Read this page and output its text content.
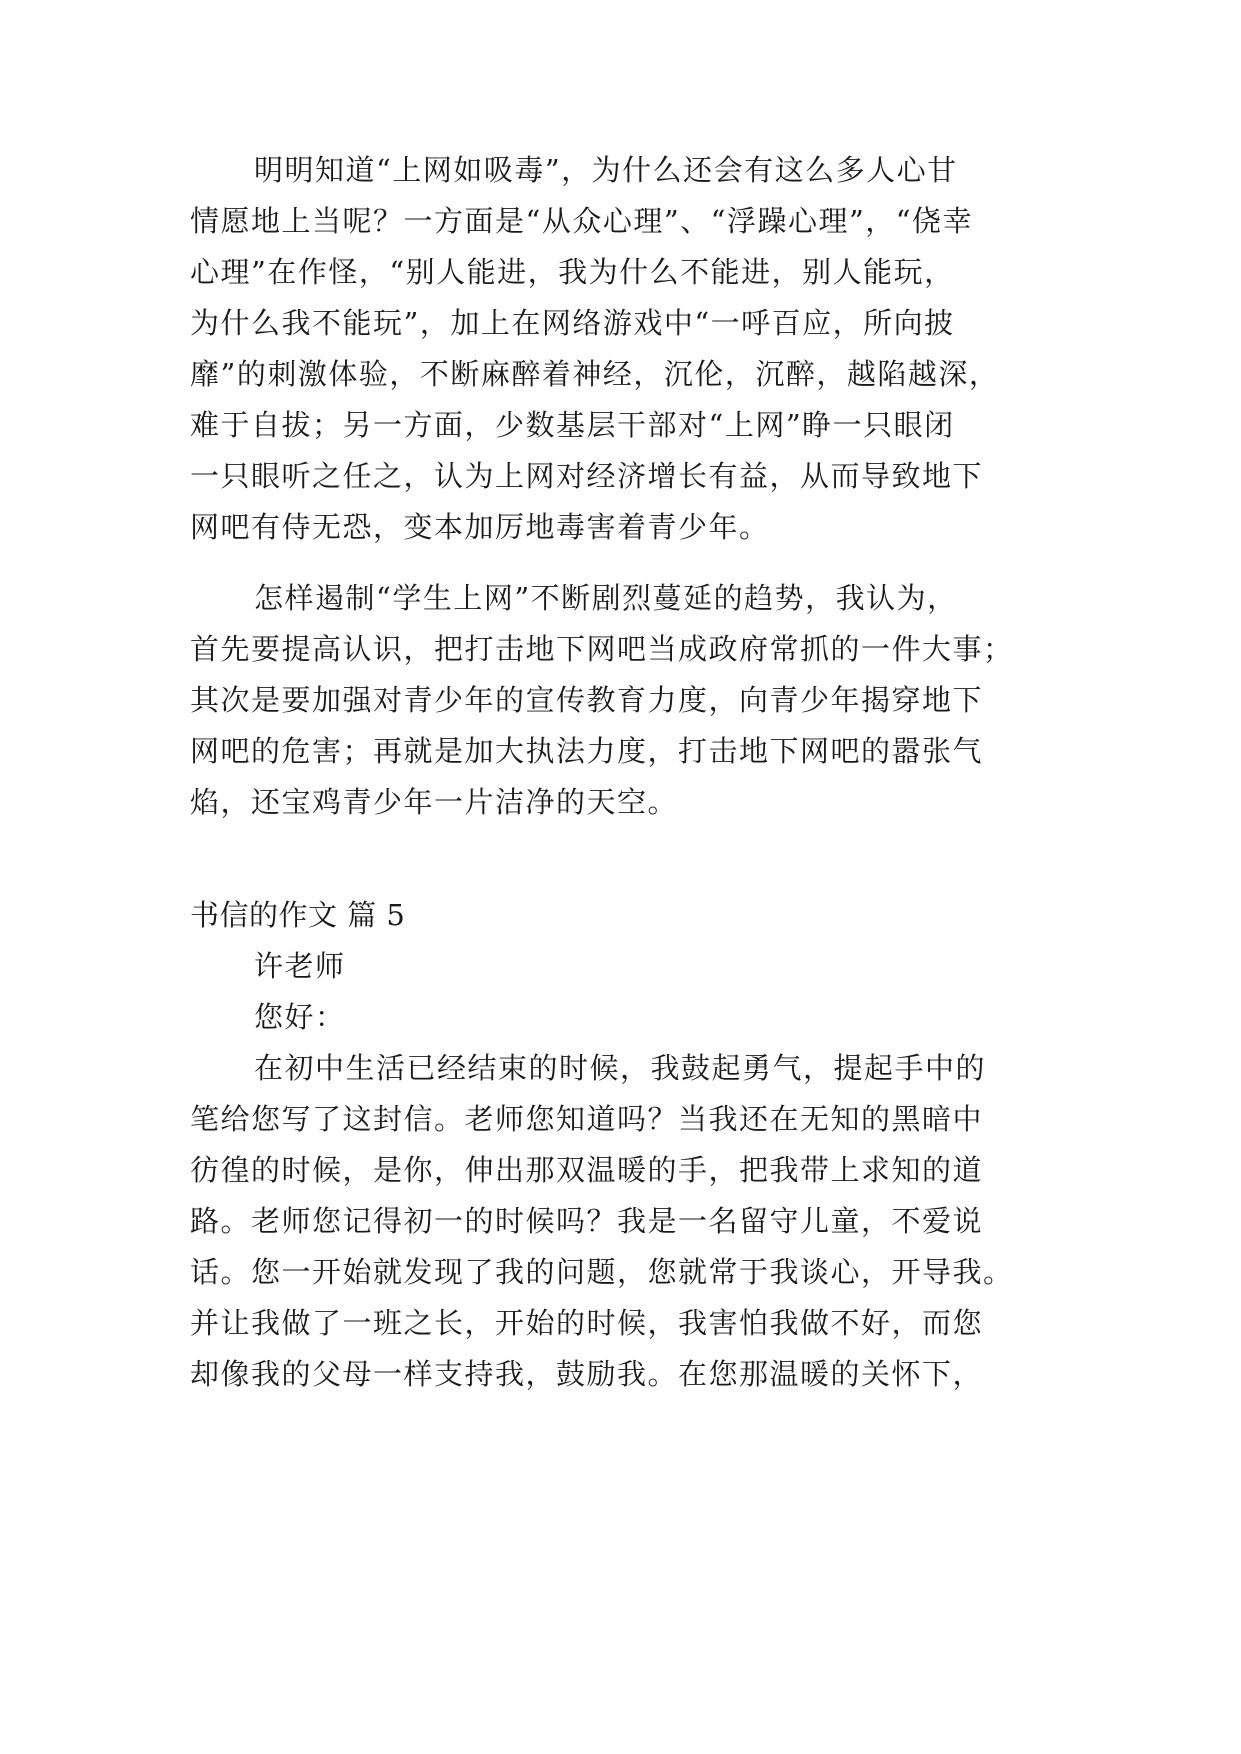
明明知道“上网如吸毒”，为什么还会有这么多人心甘
情愿地上当呢？一方面是“从众心理”、“浮躁心理”，“侥幸
心理”在作怪，“别人能进，我为什么不能进，别人能玩，
为什么我不能玩”，加上在网络游戏中“一呼百应，所向披
靡”的刺激体验，不断麻醉着神经，沉伦，沉醉，越陷越深，
难于自拔；另一方面，少数基层干部对“上网”睁一只眼闭
一只眼听之任之，认为上网对经济增长有益，从而导致地下
网吧有侍无恐，变本加厉地毒害着青少年。
怎样遏制“学生上网”不断剧烈蔓延的趋势，我认为，
首先要提高认识，把打击地下网吧当成政府常抓的一件大事；
其次是要加强对青少年的宣传教育力度，向青少年揭穿地下
网吧的危害；再就是加大执法力度，打击地下网吧的嚣张气
焰，还宝鸡青少年一片洁净的天空。
书信的作文 篇 5
许老师
您好：
在初中生活已经结束的时候，我鼓起勇气，提起手中的
笔给您写了这封信。老师您知道吗？当我还在无知的黑暗中
彷徨的时候，是你，伸出那双温暖的手，把我带上求知的道
路。老师您记得初一的时候吗？我是一名留守儿童，不爱说
话。您一开始就发现了我的问题，您就常于我谈心，开导我。
并让我做了一班之长，开始的时候，我害怕我做不好，而您
却像我的父母一样支持我，鼓励我。在您那温暖的关怀下，
